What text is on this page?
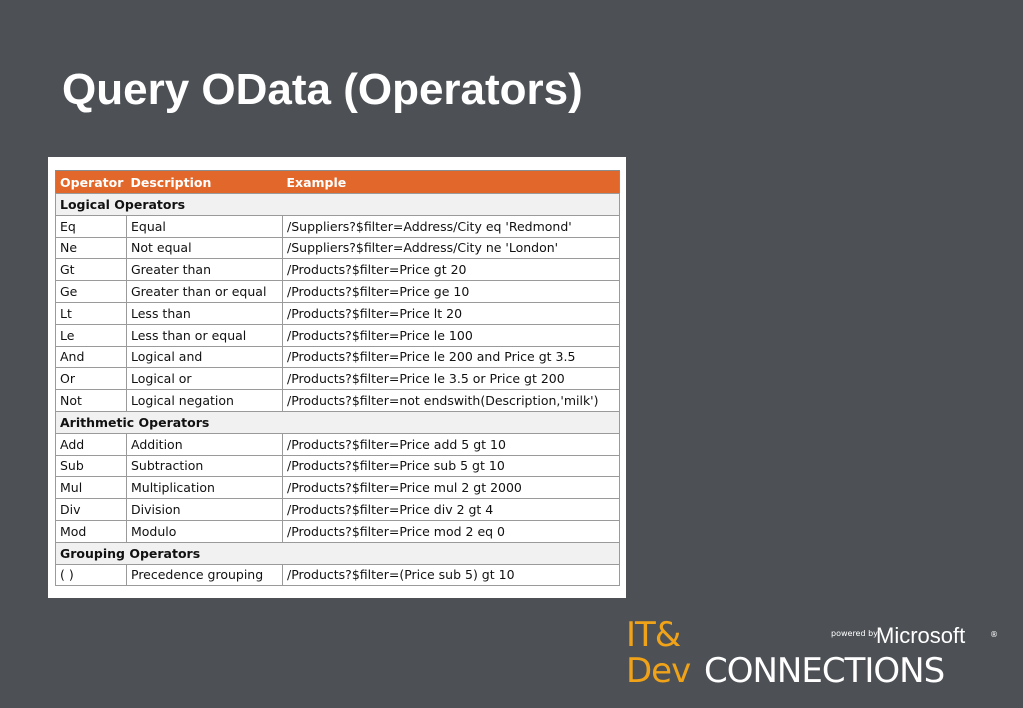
Query OData (Operators)
Operator	Description	Example
Logical Operators		
Eq	Equal	/Suppliers?$filter=Address/City eq 'Redmond'
Ne	Not equal	/Suppliers?$filter=Address/City ne 'London'
Gt	Greater than	/Products?$filter=Price gt 20
Ge	Greater than or equal	/Products?$filter=Price ge 10
Lt	Less than	/Products?$filter=Price lt 20
Le	Less than or equal	/Products?$filter=Price le 100
And	Logical and	/Products?$filter=Price le 200 and Price gt 3.5
Or	Logical or	/Products?$filter=Price le 3.5 or Price gt 200
Not	Logical negation	/Products?$filter=not endswith(Description,'milk')
Arithmetic Operators		
Add	Addition	/Products?$filter=Price add 5 gt 10
Sub	Subtraction	/Products?$filter=Price sub 5 gt 10
Mul	Multiplication	/Products?$filter=Price mul 2 gt 2000
Div	Division	/Products?$filter=Price div 2 gt 4
Mod	Modulo	/Products?$filter=Price mod 2 eq 0
Grouping Operators		
( )	Precedence grouping	/Products?$filter=(Price sub 5) gt 10
IT&
Dev CONNECTIONS
powered by
Microsoft	®
